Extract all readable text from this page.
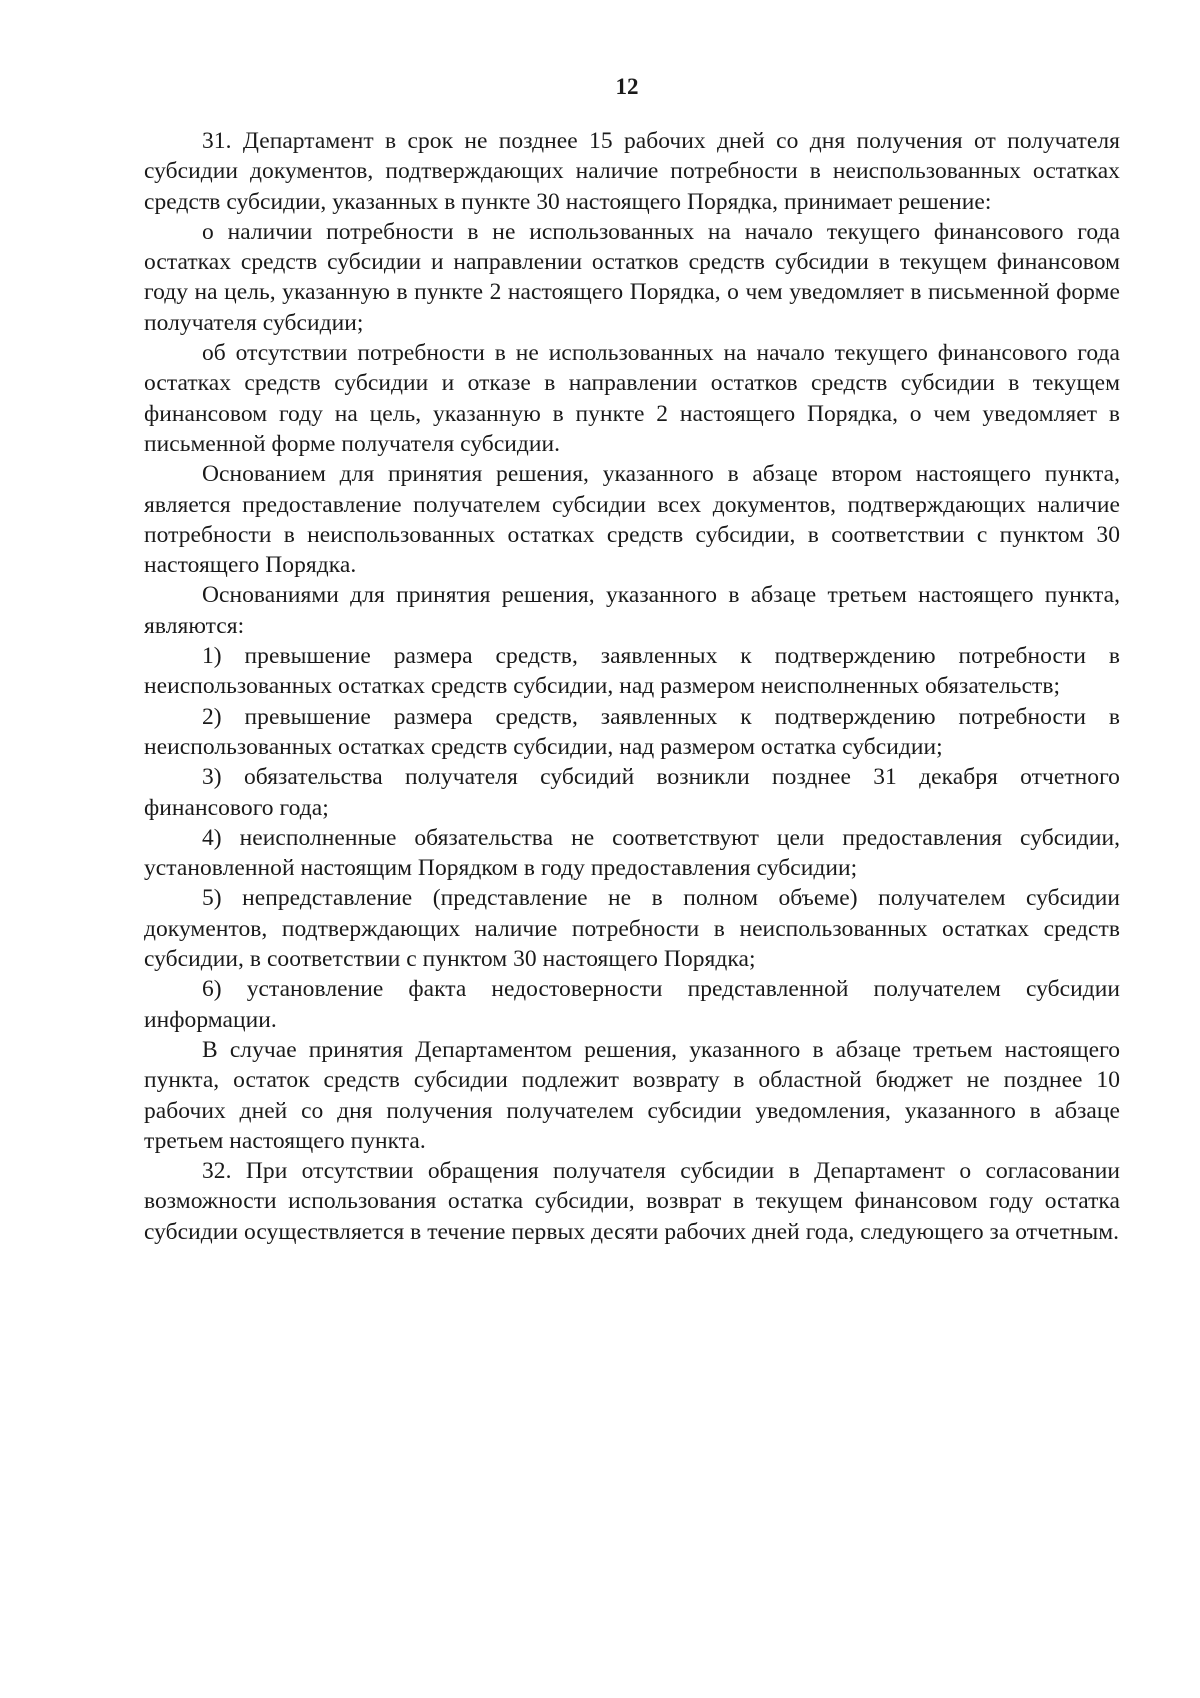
12

31. Департамент в срок не позднее 15 рабочих дней со дня получения от получателя субсидии документов, подтверждающих наличие потребности в неиспользованных остатках средств субсидии, указанных в пункте 30 настоящего Порядка, принимает решение:

о наличии потребности в не использованных на начало текущего финансового года остатках средств субсидии и направлении остатков средств субсидии в текущем финансовом году на цель, указанную в пункте 2 настоящего Порядка, о чем уведомляет в письменной форме получателя субсидии;

об отсутствии потребности в не использованных на начало текущего финансового года остатках средств субсидии и отказе в направлении остатков средств субсидии в текущем финансовом году на цель, указанную в пункте 2 настоящего Порядка, о чем уведомляет в письменной форме получателя субсидии.

Основанием для принятия решения, указанного в абзаце втором настоящего пункта, является предоставление получателем субсидии всех документов, подтверждающих наличие потребности в неиспользованных остатках средств субсидии, в соответствии с пунктом 30 настоящего Порядка.

Основаниями для принятия решения, указанного в абзаце третьем настоящего пункта, являются:

1) превышение размера средств, заявленных к подтверждению потребности в неиспользованных остатках средств субсидии, над размером неисполненных обязательств;

2) превышение размера средств, заявленных к подтверждению потребности в неиспользованных остатках средств субсидии, над размером остатка субсидии;

3) обязательства получателя субсидий возникли позднее 31 декабря отчетного финансового года;

4) неисполненные обязательства не соответствуют цели предоставления субсидии, установленной настоящим Порядком в году предоставления субсидии;

5) непредставление (представление не в полном объеме) получателем субсидии документов, подтверждающих наличие потребности в неиспользованных остатках средств субсидии, в соответствии с пунктом 30 настоящего Порядка;

6) установление факта недостоверности представленной получателем субсидии информации.

В случае принятия Департаментом решения, указанного в абзаце третьем настоящего пункта, остаток средств субсидии подлежит возврату в областной бюджет не позднее 10 рабочих дней со дня получения получателем субсидии уведомления, указанного в абзаце третьем настоящего пункта.

32. При отсутствии обращения получателя субсидии в Департамент о согласовании возможности использования остатка субсидии, возврат в текущем финансовом году остатка субсидии осуществляется в течение первых десяти рабочих дней года, следующего за отчетным.
